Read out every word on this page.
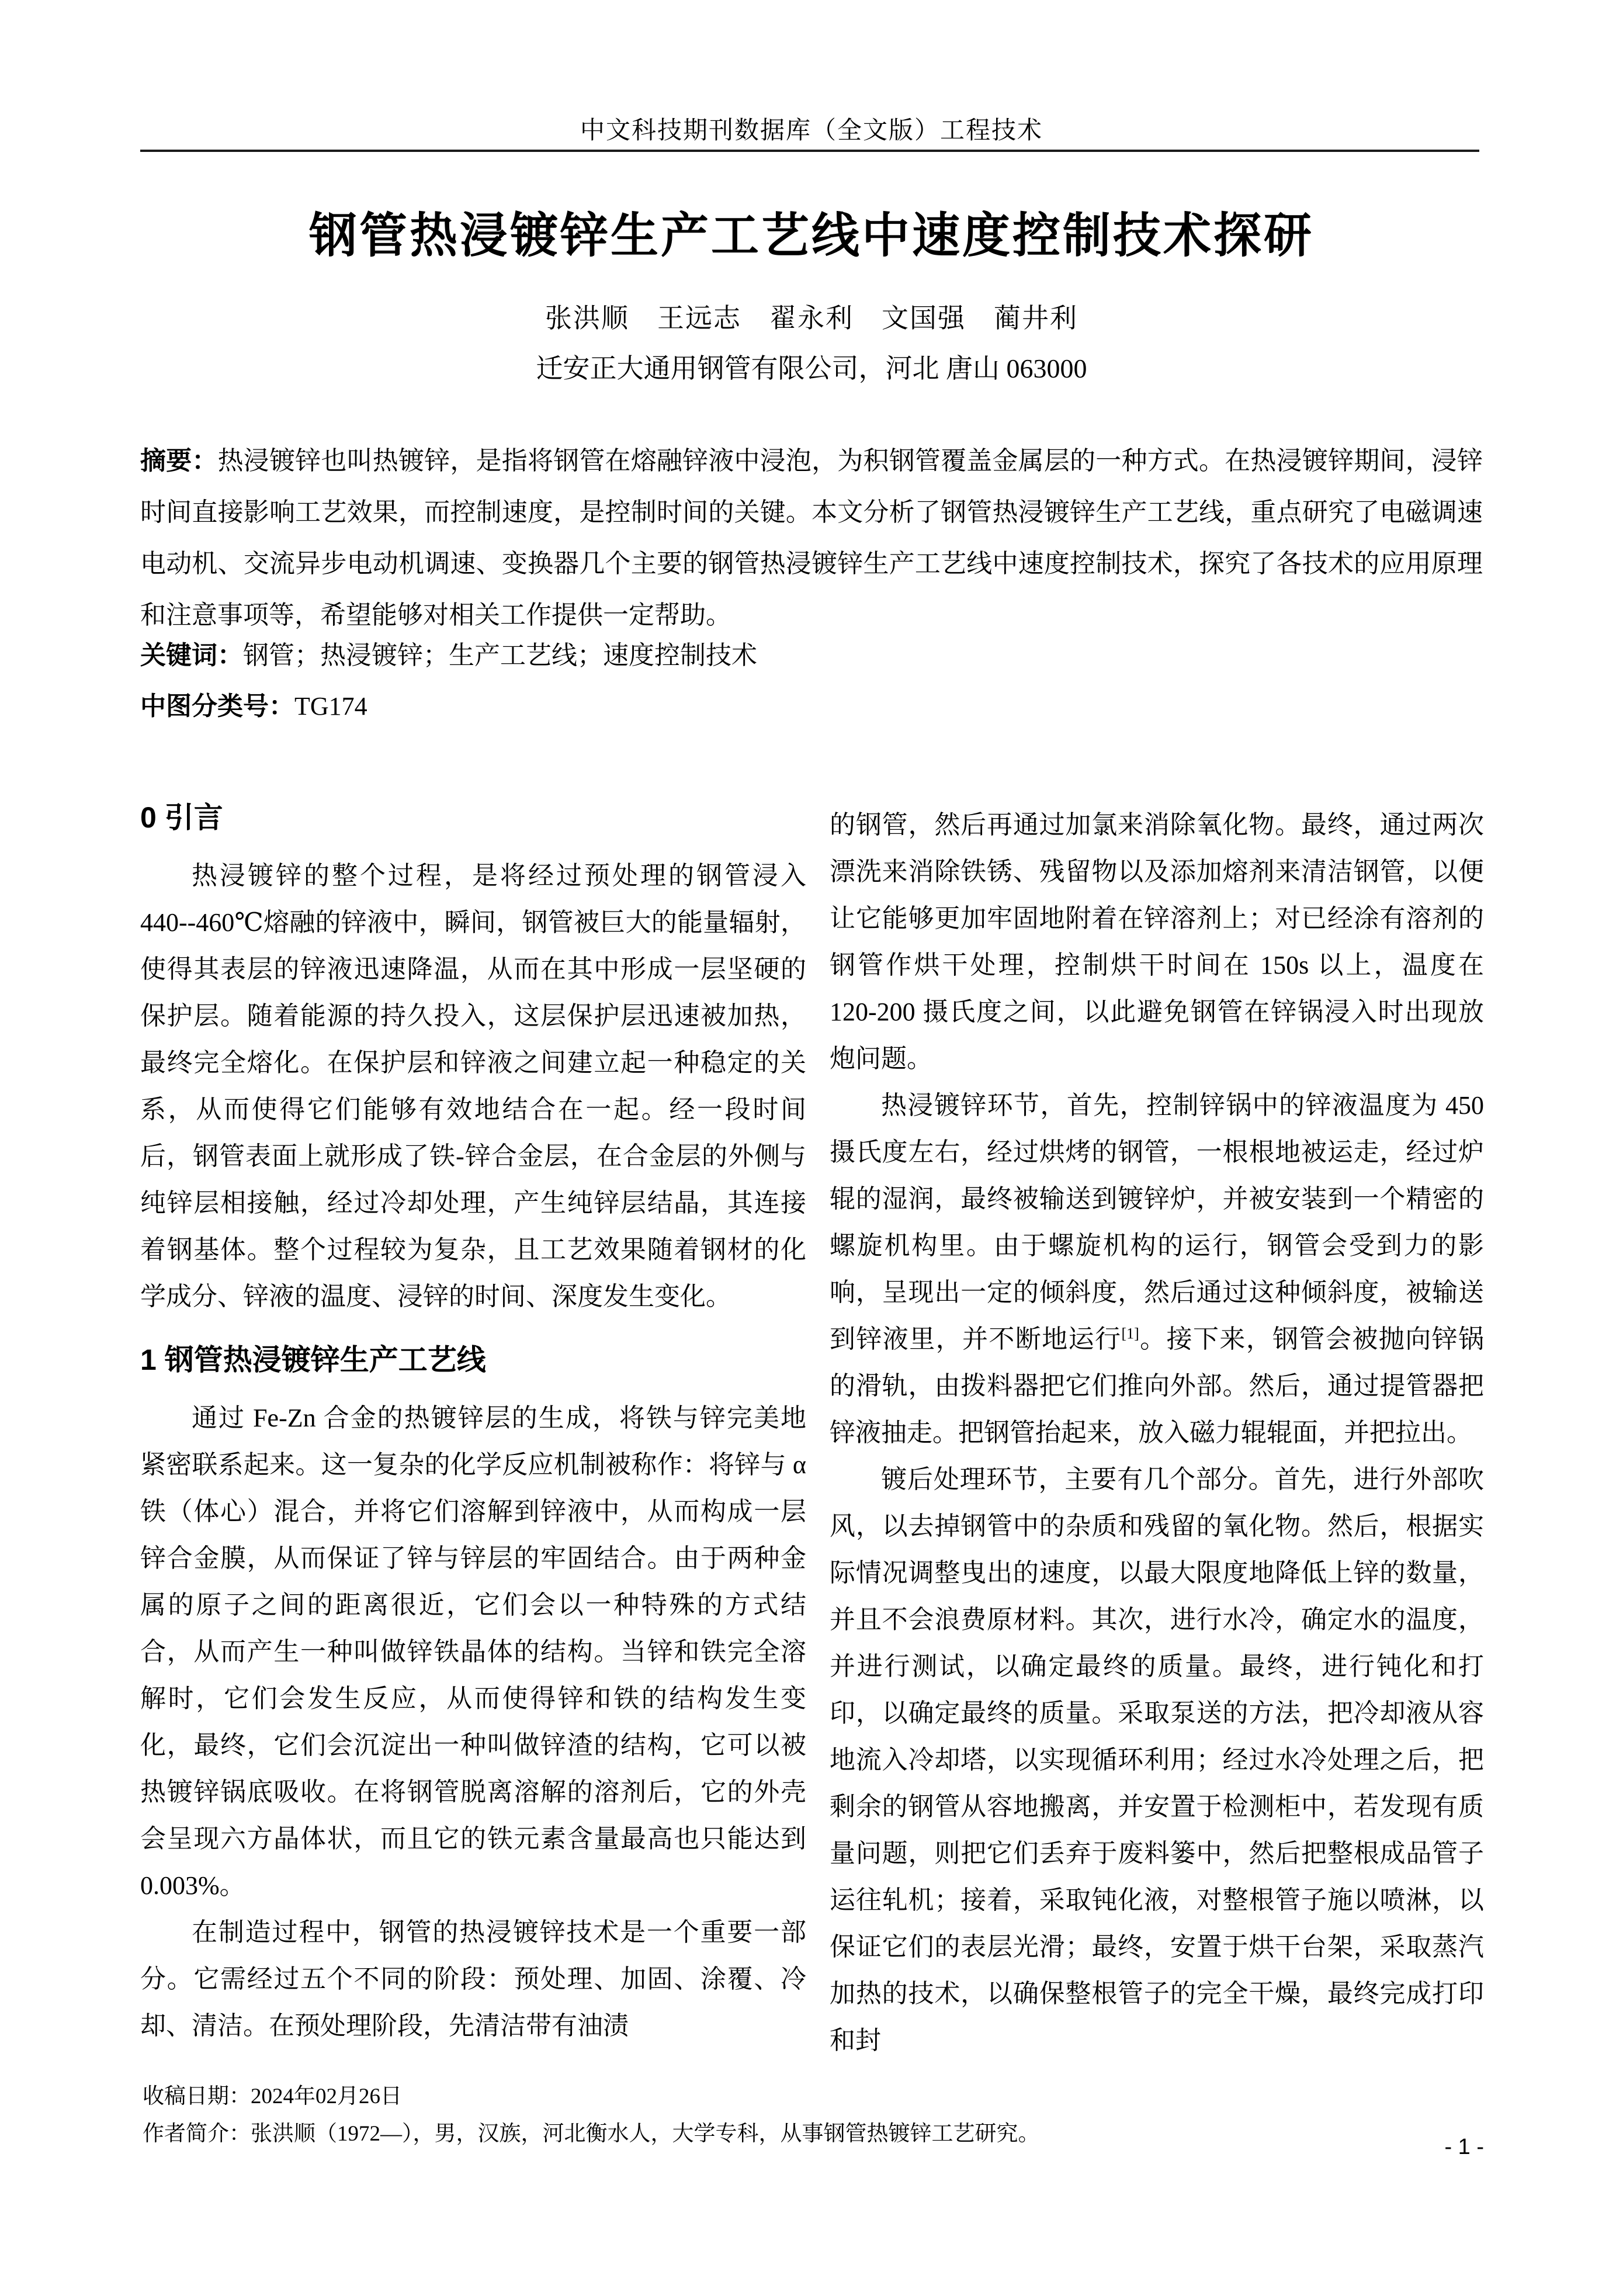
中文科技期刊数据库（全文版）工程技术
钢管热浸镀锌生产工艺线中速度控制技术探研
张洪顺　王远志　翟永利　文国强　蔺井利
迁安正大通用钢管有限公司，河北 唐山 063000
摘要：热浸镀锌也叫热镀锌，是指将钢管在熔融锌液中浸泡，为积钢管覆盖金属层的一种方式。在热浸镀锌期间，浸锌时间直接影响工艺效果，而控制速度，是控制时间的关键。本文分析了钢管热浸镀锌生产工艺线，重点研究了电磁调速电动机、交流异步电动机调速、变换器几个主要的钢管热浸镀锌生产工艺线中速度控制技术，探究了各技术的应用原理和注意事项等，希望能够对相关工作提供一定帮助。
关键词：钢管；热浸镀锌；生产工艺线；速度控制技术
中图分类号：TG174
0 引言

热浸镀锌的整个过程，是将经过预处理的钢管浸入 440--460℃熔融的锌液中，瞬间，钢管被巨大的能量辐射，使得其表层的锌液迅速降温，从而在其中形成一层坚硬的保护层。随着能源的持久投入，这层保护层迅速被加热，最终完全熔化。在保护层和锌液之间建立起一种稳定的关系，从而使得它们能够有效地结合在一起。经一段时间后，钢管表面上就形成了铁-锌合金层，在合金层的外侧与纯锌层相接触，经过冷却处理，产生纯锌层结晶，其连接着钢基体。整个过程较为复杂，且工艺效果随着钢材的化学成分、锌液的温度、浸锌的时间、深度发生变化。

1 钢管热浸镀锌生产工艺线

通过 Fe-Zn 合金的热镀锌层的生成，将铁与锌完美地紧密联系起来。这一复杂的化学反应机制被称作：将锌与 α 铁（体心）混合，并将它们溶解到锌液中，从而构成一层锌合金膜，从而保证了锌与锌层的牢固结合。由于两种金属的原子之间的距离很近，它们会以一种特殊的方式结合，从而产生一种叫做锌铁晶体的结构。当锌和铁完全溶解时，它们会发生反应，从而使得锌和铁的结构发生变化，最终，它们会沉淀出一种叫做锌渣的结构，它可以被热镀锌锅底吸收。在将钢管脱离溶解的溶剂后，它的外壳会呈现六方晶体状，而且它的铁元素含量最高也只能达到 0.003%。

在制造过程中，钢管的热浸镀锌技术是一个重要一部分。它需经过五个不同的阶段：预处理、加固、涂覆、冷却、清洁。在预处理阶段，先清洁带有油渍

的钢管，然后再通过加氯来消除氧化物。最终，通过两次漂洗来消除铁锈、残留物以及添加熔剂来清洁钢管，以便让它能够更加牢固地附着在锌溶剂上；对已经涂有溶剂的钢管作烘干处理，控制烘干时间在 150s 以上，温度在 120-200 摄氏度之间，以此避免钢管在锌锅浸入时出现放炮问题。

热浸镀锌环节，首先，控制锌锅中的锌液温度为 450 摄氏度左右，经过烘烤的钢管，一根根地被运走，经过炉辊的湿润，最终被输送到镀锌炉，并被安装到一个精密的螺旋机构里。由于螺旋机构的运行，钢管会受到力的影响，呈现出一定的倾斜度，然后通过这种倾斜度，被输送到锌液里，并不断地运行[1]。接下来，钢管会被抛向锌锅的滑轨，由拨料器把它们推向外部。然后，通过提管器把锌液抽走。把钢管抬起来，放入磁力辊辊面，并把拉出。

镀后处理环节，主要有几个部分。首先，进行外部吹风，以去掉钢管中的杂质和残留的氧化物。然后，根据实际情况调整曳出的速度，以最大限度地降低上锌的数量，并且不会浪费原材料。其次，进行水冷，确定水的温度，并进行测试，以确定最终的质量。最终，进行钝化和打印，以确定最终的质量。采取泵送的方法，把冷却液从容地流入冷却塔，以实现循环利用；经过水冷处理之后，把剩余的钢管从容地搬离，并安置于检测柜中，若发现有质量问题，则把它们丢弃于废料篓中，然后把整根成品管子运往轧机；接着，采取钝化液，对整根管子施以喷淋，以保证它们的表层光滑；最终，安置于烘干台架，采取蒸汽加热的技术，以确保整根管子的完全干燥，最终完成打印和封

收稿日期：2024年02月26日
作者简介：张洪顺（1972—），男，汉族，河北衡水人，大学专科，从事钢管热镀锌工艺研究。
- 1 -
